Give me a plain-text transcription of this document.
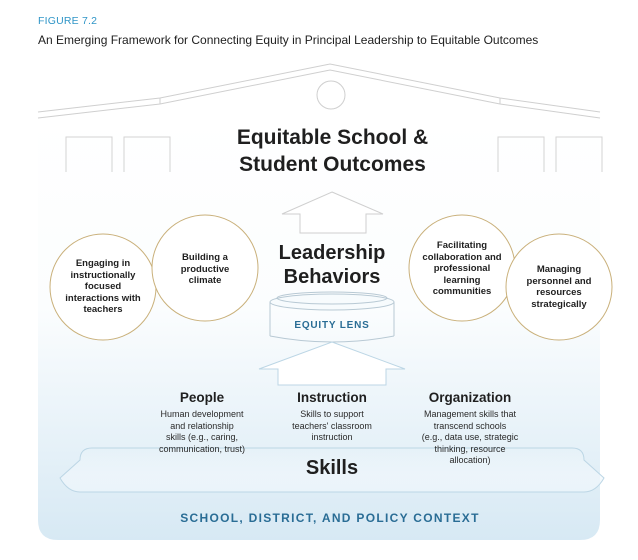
FIGURE 7.2
An Emerging Framework for Connecting Equity in Principal Leadership to Equitable Outcomes
Equitable School &
Student Outcomes
Leadership
Behaviors
Engaging in
instructionally
focused
interactions with
teachers
Building a
productive
climate
Facilitating
collaboration and
professional
learning
communities
Managing
personnel and
resources
strategically
EQUITY LENS
People
Human development
and relationship
skills (e.g., caring,
communication, trust)
Instruction
Skills to support
teachers' classroom
instruction
Organization
Management skills that
transcend schools
(e.g., data use, strategic
thinking, resource
allocation)
Skills
SCHOOL, DISTRICT, AND POLICY CONTEXT
